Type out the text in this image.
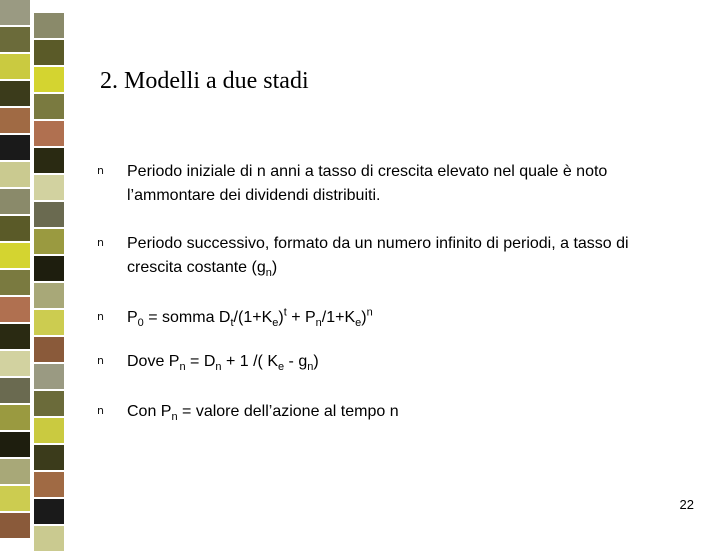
2. Modelli a due stadi
n Periodo iniziale di n anni a tasso di crescita elevato nel quale è noto l’ammontare dei dividendi distribuiti.
n Periodo successivo, formato da un numero infinito di periodi, a tasso di crescita costante $(g_n)$
n $P_0$ = somma $D_t/(1+K_e)^t + P_n/1+K_e)^n$
n Dove $P_n = D_n + 1$ /( $K_e - g_n$)
n Con $P_n$ = valore dell’azione al tempo n
22
